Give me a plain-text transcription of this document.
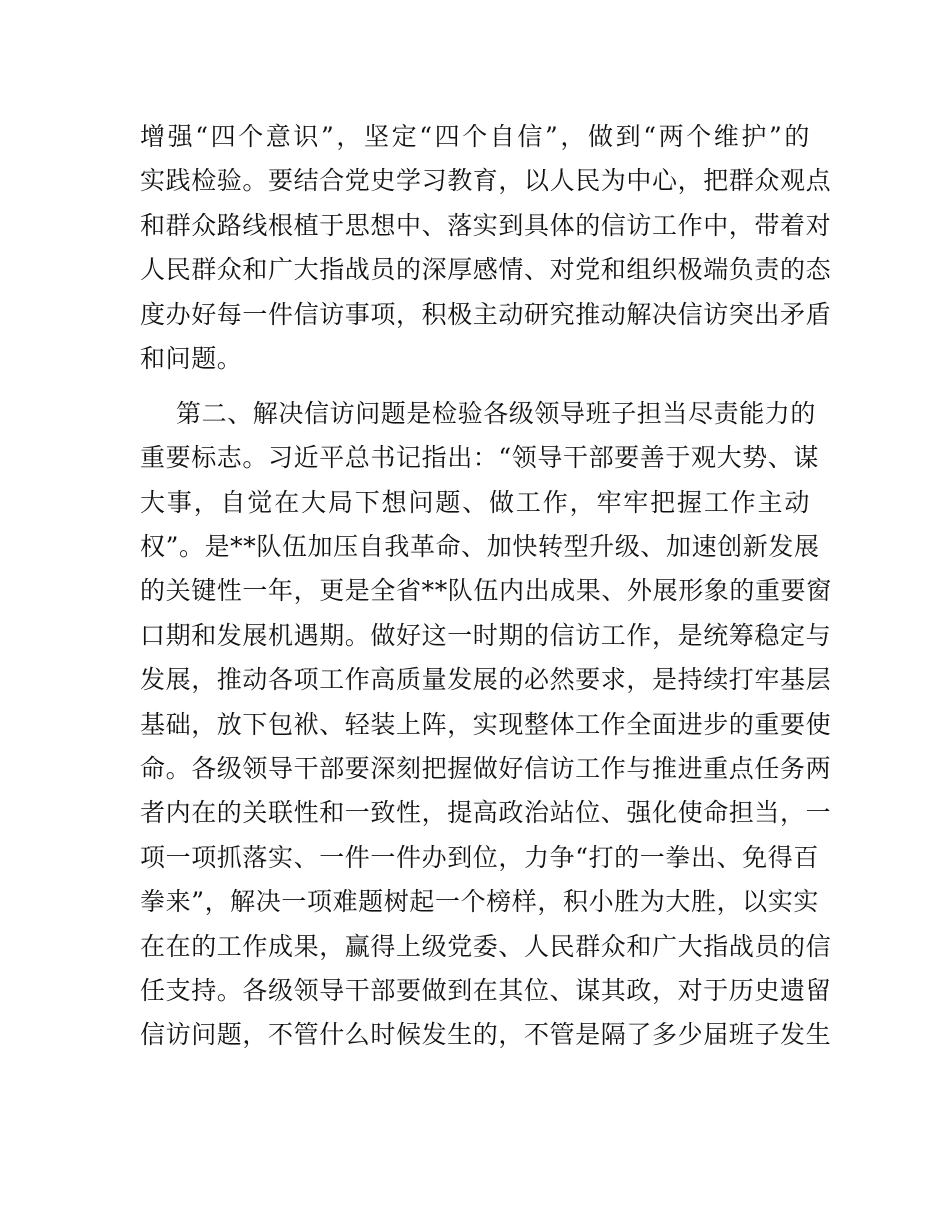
增强“四个意识”，坚定“四个自信”，做到“两个维护”的
实践检验。要结合党史学习教育，以人民为中心，把群众观点
和群众路线根植于思想中、落实到具体的信访工作中，带着对
人民群众和广大指战员的深厚感情、对党和组织极端负责的态
度办好每一件信访事项，积极主动研究推动解决信访突出矛盾
和问题。
第二、解决信访问题是检验各级领导班子担当尽责能力的
重要标志。习近平总书记指出：“领导干部要善于观大势、谋
大事，自觉在大局下想问题、做工作，牢牢把握工作主动
权”。是**队伍加压自我革命、加快转型升级、加速创新发展
的关键性一年，更是全省**队伍内出成果、外展形象的重要窗
口期和发展机遇期。做好这一时期的信访工作，是统筹稳定与
发展，推动各项工作高质量发展的必然要求，是持续打牢基层
基础，放下包袱、轻装上阵，实现整体工作全面进步的重要使
命。各级领导干部要深刻把握做好信访工作与推进重点任务两
者内在的关联性和一致性，提高政治站位、强化使命担当，一
项一项抓落实、一件一件办到位，力争“打的一拳出、免得百
拳来”，解决一项难题树起一个榜样，积小胜为大胜，以实实
在在的工作成果，赢得上级党委、人民群众和广大指战员的信
任支持。各级领导干部要做到在其位、谋其政，对于历史遗留
信访问题，不管什么时候发生的，不管是隔了多少届班子发生
